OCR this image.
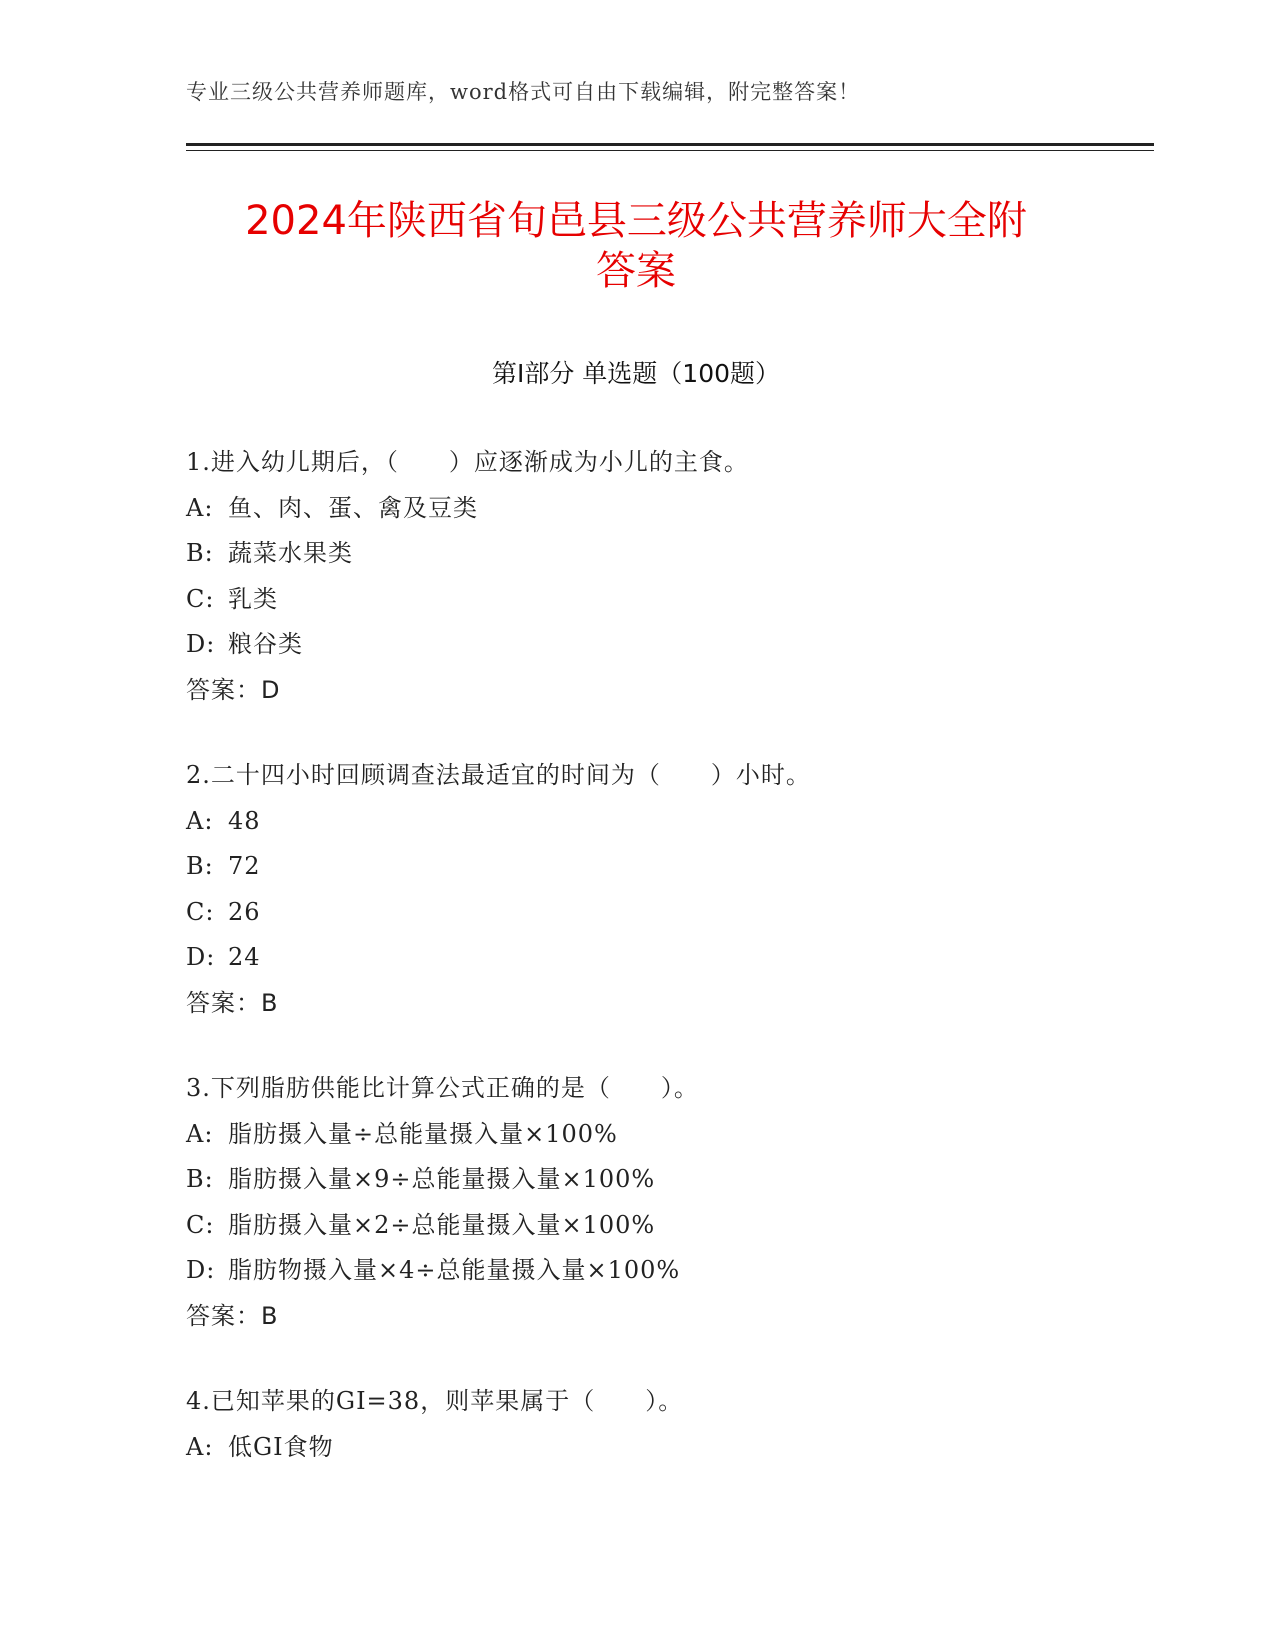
专业三级公共营养师题库，word格式可自由下载编辑，附完整答案！
2024年陕西省旬邑县三级公共营养师大全附
答案
第Ⅰ部分 单选题（100题）
1.进入幼儿期后，（　　）应逐渐成为小儿的主食。
A: 鱼、肉、蛋、禽及豆类
B: 蔬菜水果类
C: 乳类
D: 粮谷类
答案：D
2.二十四小时回顾调查法最适宜的时间为（　　）小时。
A: 48
B: 72
C: 26
D: 24
答案：B
3.下列脂肪供能比计算公式正确的是（　　）。
A: 脂肪摄入量÷总能量摄入量×100%
B: 脂肪摄入量×9÷总能量摄入量×100%
C: 脂肪摄入量×2÷总能量摄入量×100%
D: 脂肪物摄入量×4÷总能量摄入量×100%
答案：B
4.已知苹果的GI=38，则苹果属于（　　）。
A: 低GI食物
